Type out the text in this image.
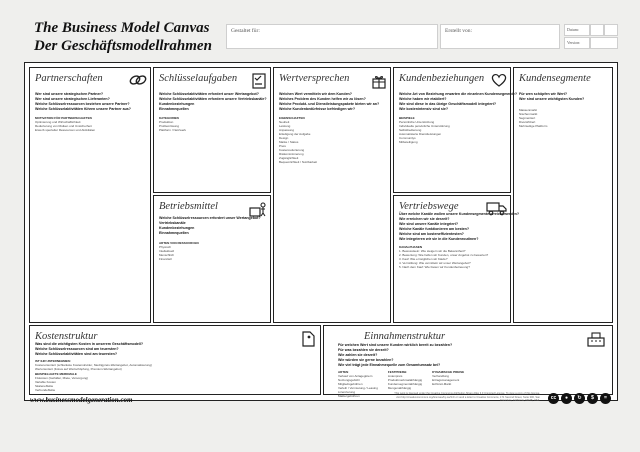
The Business Model Canvas
Der Geschäftsmodellrahmen
Gestaltet für:	Erstellt von:	Datum:
Version:
Partnerschaften
Wer sind unsere strategischen Partner?
Wer sind unsere strategischen Lieferanten?
Welche Schlüsselressourcen beziehen unsere Partner?
Welche Schlüsselaktivitäten führen unsere Partner aus?
MOTIVATION FÜR PARTNERSCHAFTEN
Optimierung und Wirtschaftlichkeit
Reduzierung von Risiken und Unsicherheit
Erwerb spezieller Ressourcen und Aktivitäten
Schlüsselaufgaben
Welche Schlüsselaktivitäten erfordert unser Wertangebot?
Welche Schlüsselaktivitäten erfordern unsere Vertriebskanäle?
Kundenbeziehungen
Einnahmequellen
KATEGORIEN
Produktion
Problemlösung
Plattform / Netzwerk
Betriebsmittel
Welche Schlüsselressourcen erfordert unser Wertangebot?
Vertriebskanäle
Kundenbeziehungen
Einnahmequellen
ARTEN VON RESSOURCEN
Physisch
Intellektuell
Menschlich
Finanziell
Wertversprechen
Welchen Wert vermitteln wir dem Kunden?
Welches Problem des Kunden helfen wir zu lösen?
Welche Produkt- und Dienstleistungspakete bieten wir an?
Welche Kundenbedürfnisse befriedigen wir?
EIGENSCHAFTEN
Neuheit
Leistung
Anpassung
Erledigung der Aufgabe
Design
Marke / Status
Preis
Kostenreduzierung
Risikominimierung
Zugänglichkeit
Bequemlichkeit / Nutzbarkeit
Kundenbeziehungen
Welche Art von Beziehung erwarten die einzelnen Kundensegmente?
Welche haben wir etabliert?
Wie sind diese in das übrige Geschäftsmodell integriert?
Wie kostenintensiv sind sie?
BEISPIELE
Persönliche Unterstützung
Individuelle persönliche Unterstützung
Selbstbedienung
Automatisierte Dienstleistungen
Communitys
Mitbeteiligung
Vertriebswege
Über welche Kanäle wollen unsere Kundensegmente erreicht werden?
Wie erreichen wir sie derzeit?
Wie sind unsere Kanäle integriert?
Welche Kanäle funktionieren am besten?
Welche sind am kosteneffizientesten?
Wie integrieren wir sie in die Kundenroutinen?
KANALPHASEN
1. Bewusstsein: Wie steigern wir die Bekanntheit?
2. Bewertung: Wie helfen wir Kunden, unser Angebot zu bewerten?
3. Kauf: Wie ermöglichen wir Käufe?
4. Vermittlung: Wie vermitteln wir unser Wertangebot?
5. Nach dem Kauf: Wie bieten wir Kundenbetreuung?
Kundensegmente
Für wen schöpfen wir Wert?
Wer sind unsere wichtigsten Kunden?
Massenmarkt
Nischenmarkt
Segmentiert
Diversifiziert
Mehrseitige Plattform
Kostenstruktur
Was sind die wichtigsten Kosten in unserem Geschäftsmodell?
Welche Schlüsselressourcen sind am teuersten?
Welche Schlüsselaktivitäten sind am teuersten?
IST IHR UNTERNEHMEN:
Kostenorientiert (schlankste Kostenstruktur, Niedrigpreis-Wertangebot, Automatisierung)
Wertorientiert (Fokus auf Wertschöpfung, Premium-Wertangebot)
BEISPIELHAFTE MERKMALE
Fixkosten (Gehälter, Miete, Versorgung)
Variable Kosten
Skaleneffekte
Verbundeffekte
Einnahmenstruktur
Für welchen Wert sind unsere Kunden wirklich bereit zu bezahlen?
Für was bezahlen sie derzeit?
Wie zahlen sie derzeit?
Wie würden sie gerne bezahlen?
Wie viel trägt jede Einnahmequelle zum Gesamtumsatz bei?
ARTEN
Verkauf von Anlagegütern
Nutzungsgebühr
Mitgliedsgebühren
Verleih / Vermietung / Leasing
Lizenzierung
Maklergebühren
FESTPREISE
Listenpreis
Produktmerkmalabhängig
Kundensegmentabhängig
Mengenabhängig
DYNAMISCHE PREISE
Verhandlung
Ertragsmanagement
Echtzeit-Markt
www.businessmodelgeneration.com
This work is licensed under the Creative Commons Attribution-Share Alike 3.0 Unported License. To view a copy of this license, visit http://creativecommons.org/licenses/by-sa/3.0/ or send a letter to Creative Commons, 171 Second Street, Suite 300, San Francisco, California, 94105, USA.	cc	●	↻	$	=
